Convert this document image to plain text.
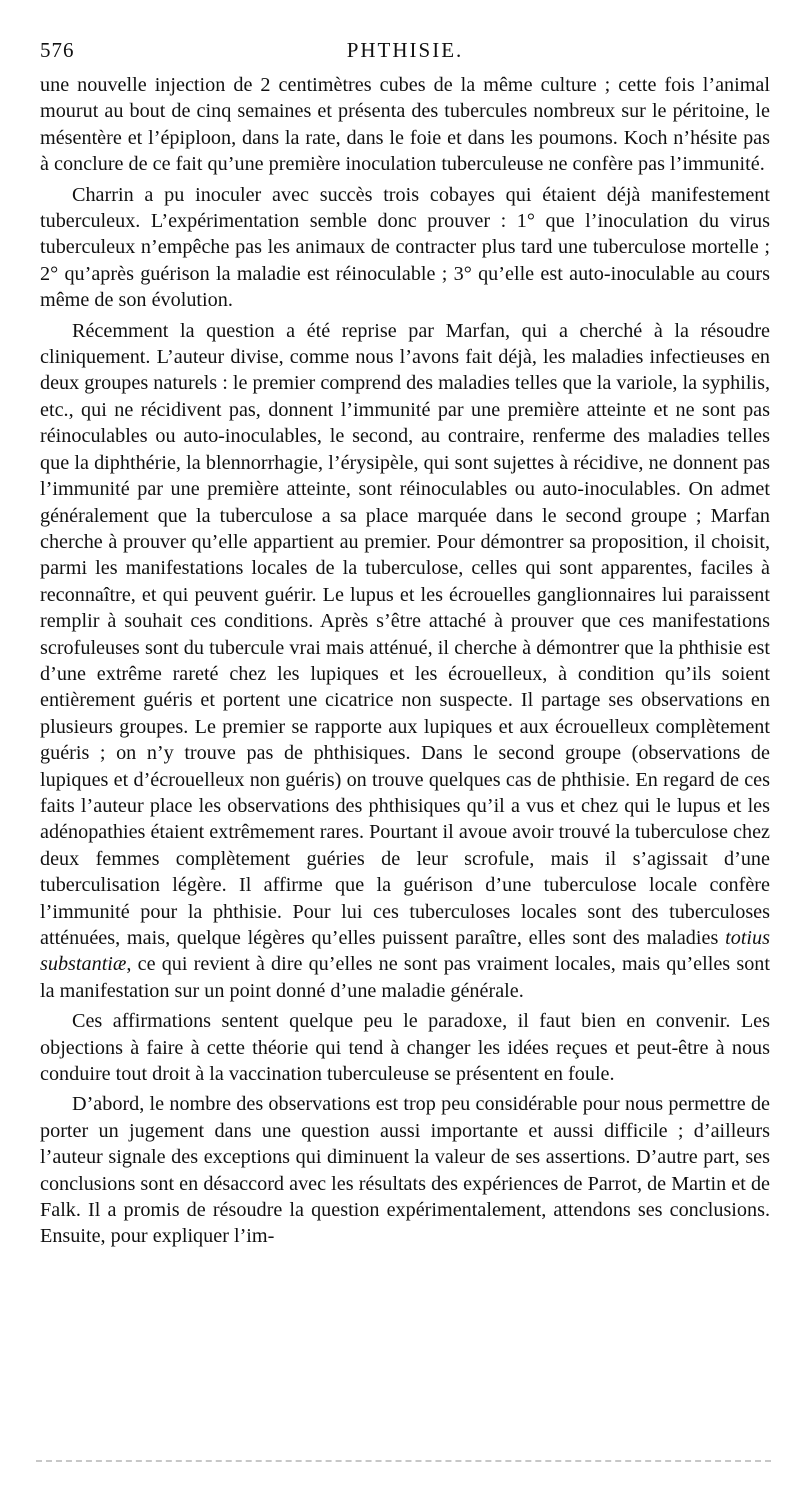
576	PHTHISIE.

une nouvelle injection de 2 centimètres cubes de la même culture ; cette fois l’animal mourut au bout de cinq semaines et présenta des tubercules nombreux sur le péritoine, le mésentère et l’épiploon, dans la rate, dans le foie et dans les poumons. Koch n’hésite pas à conclure de ce fait qu’une première inoculation tuberculeuse ne confère pas l’immunité.

Charrin a pu inoculer avec succès trois cobayes qui étaient déjà manifestement tuberculeux. L’expérimentation semble donc prouver : 1° que l’inoculation du virus tuberculeux n’empêche pas les animaux de contracter plus tard une tuberculose mortelle ; 2° qu’après guérison la maladie est réinoculable ; 3° qu’elle est auto-inoculable au cours même de son évolution.

Récemment la question a été reprise par Marfan, qui a cherché à la résoudre cliniquement. L’auteur divise, comme nous l’avons fait déjà, les maladies infectieuses en deux groupes naturels : le premier comprend des maladies telles que la variole, la syphilis, etc., qui ne récidivent pas, donnent l’immunité par une première atteinte et ne sont pas réinoculables ou auto-inoculables, le second, au contraire, renferme des maladies telles que la diphthérie, la blennorrhagie, l’érysipèle, qui sont sujettes à récidive, ne donnent pas l’immunité par une première atteinte, sont réinoculables ou auto-inoculables. On admet généralement que la tuberculose a sa place marquée dans le second groupe ; Marfan cherche à prouver qu’elle appartient au premier. Pour démontrer sa proposition, il choisit, parmi les manifestations locales de la tuberculose, celles qui sont apparentes, faciles à reconnaître, et qui peuvent guérir. Le lupus et les écrouelles ganglionnaires lui paraissent remplir à souhait ces conditions. Après s’être attaché à prouver que ces manifestations scrofuleuses sont du tubercule vrai mais atténué, il cherche à démontrer que la phthisie est d’une extrême rareté chez les lupiques et les écrouelleux, à condition qu’ils soient entièrement guéris et portent une cicatrice non suspecte. Il partage ses observations en plusieurs groupes. Le premier se rapporte aux lupiques et aux écrouelleux complètement guéris ; on n’y trouve pas de phthisiques. Dans le second groupe (observations de lupiques et d’écrouelleux non guéris) on trouve quelques cas de phthisie. En regard de ces faits l’auteur place les observations des phthisiques qu’il a vus et chez qui le lupus et les adénopathies étaient extrêmement rares. Pourtant il avoue avoir trouvé la tuberculose chez deux femmes complètement guéries de leur scrofule, mais il s’agissait d’une tuberculisation légère. Il affirme que la guérison d’une tuberculose locale confère l’immunité pour la phthisie. Pour lui ces tuberculoses locales sont des tuberculoses atténuées, mais, quelque légères qu’elles puissent paraître, elles sont des maladies totius substantiæ, ce qui revient à dire qu’elles ne sont pas vraiment locales, mais qu’elles sont la manifestation sur un point donné d’une maladie générale.

Ces affirmations sentent quelque peu le paradoxe, il faut bien en convenir. Les objections à faire à cette théorie qui tend à changer les idées reçues et peut-être à nous conduire tout droit à la vaccination tuberculeuse se présentent en foule.

D’abord, le nombre des observations est trop peu considérable pour nous permettre de porter un jugement dans une question aussi importante et aussi difficile ; d’ailleurs l’auteur signale des exceptions qui diminuent la valeur de ses assertions. D’autre part, ses conclusions sont en désaccord avec les résultats des expériences de Parrot, de Martin et de Falk. Il a promis de résoudre la question expérimentalement, attendons ses conclusions. Ensuite, pour expliquer l’im-
